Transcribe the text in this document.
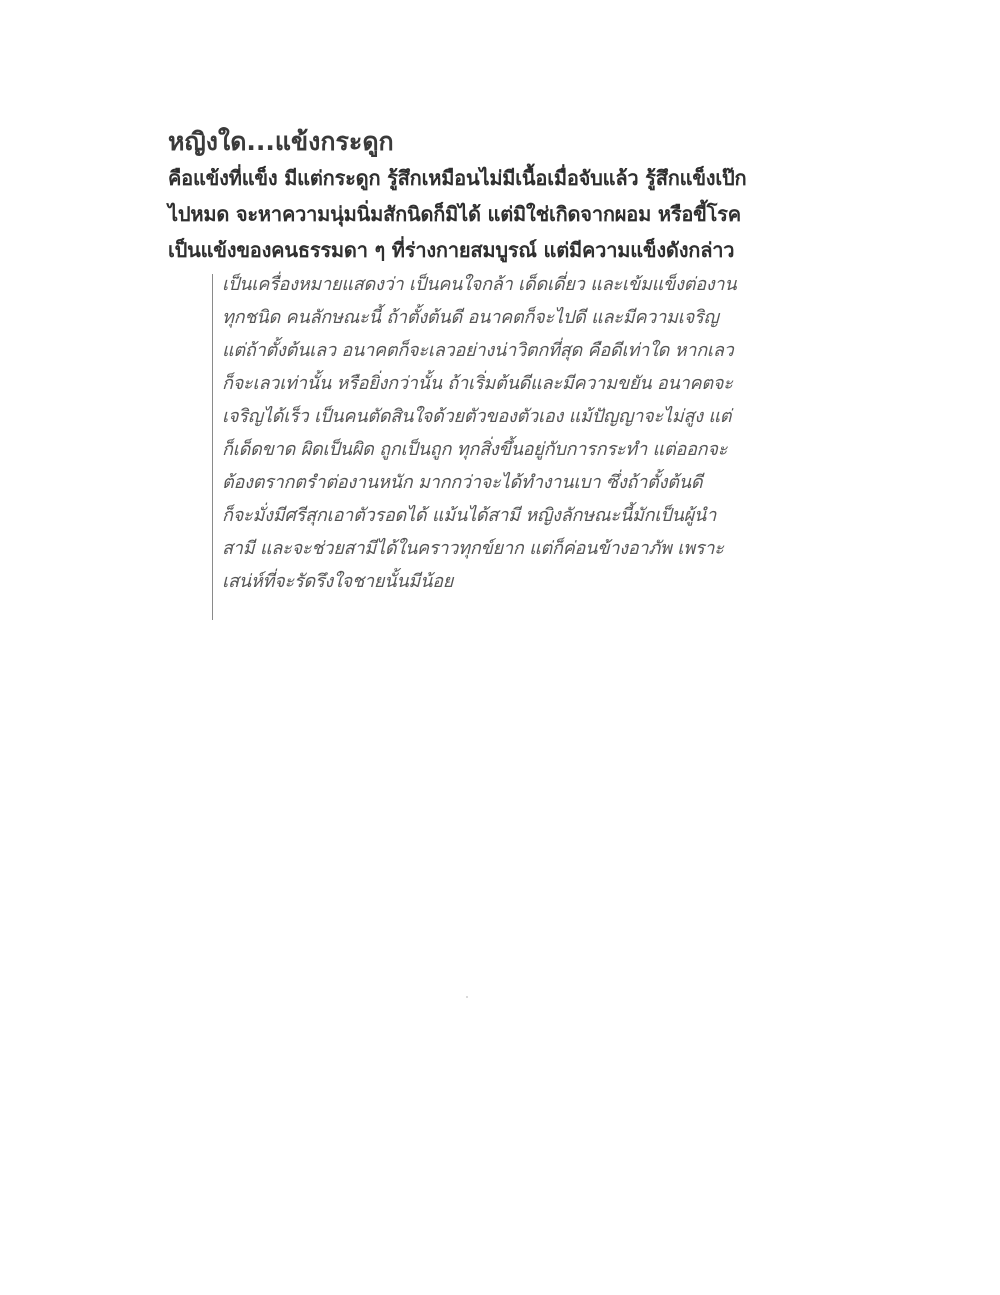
หญิงใด...แข้งกระดูก
คือแข้งที่แข็ง มีแต่กระดูก รู้สึกเหมือนไม่มีเนื้อเมื่อจับแล้ว รู้สึกแข็งเป๊ก
ไปหมด จะหาความนุ่มนิ่มสักนิดก็มิได้ แต่มิใช่เกิดจากผอม หรือขี้โรค
เป็นแข้งของคนธรรมดา ๆ ที่ร่างกายสมบูรณ์ แต่มีความแข็งดังกล่าว
เป็นเครื่องหมายแสดงว่า เป็นคนใจกล้า เด็ดเดี่ยว และเข้มแข็งต่องาน
ทุกชนิด คนลักษณะนี้ ถ้าตั้งต้นดี อนาคตก็จะไปดี และมีความเจริญ
แต่ถ้าตั้งต้นเลว อนาคตก็จะเลวอย่างน่าวิตกที่สุด คือดีเท่าใด หากเลว
ก็จะเลวเท่านั้น หรือยิ่งกว่านั้น ถ้าเริ่มต้นดีและมีความขยัน อนาคตจะ
เจริญได้เร็ว เป็นคนตัดสินใจด้วยตัวของตัวเอง แม้ปัญญาจะไม่สูง แต่
ก็เด็ดขาด ผิดเป็นผิด ถูกเป็นถูก ทุกสิ่งขึ้นอยู่กับการกระทำ แต่ออกจะ
ต้องตรากตรำต่องานหนัก มากกว่าจะได้ทำงานเบา ซึ่งถ้าตั้งต้นดี
ก็จะมั่งมีศรีสุกเอาตัวรอดได้ แม้นได้สามี หญิงลักษณะนี้มักเป็นผู้นำ
สามี และจะช่วยสามีได้ในคราวทุกข์ยาก แต่ก็ค่อนข้างอาภัพ เพราะ
เสน่ห์ที่จะรัดรึงใจชายนั้นมีน้อย
